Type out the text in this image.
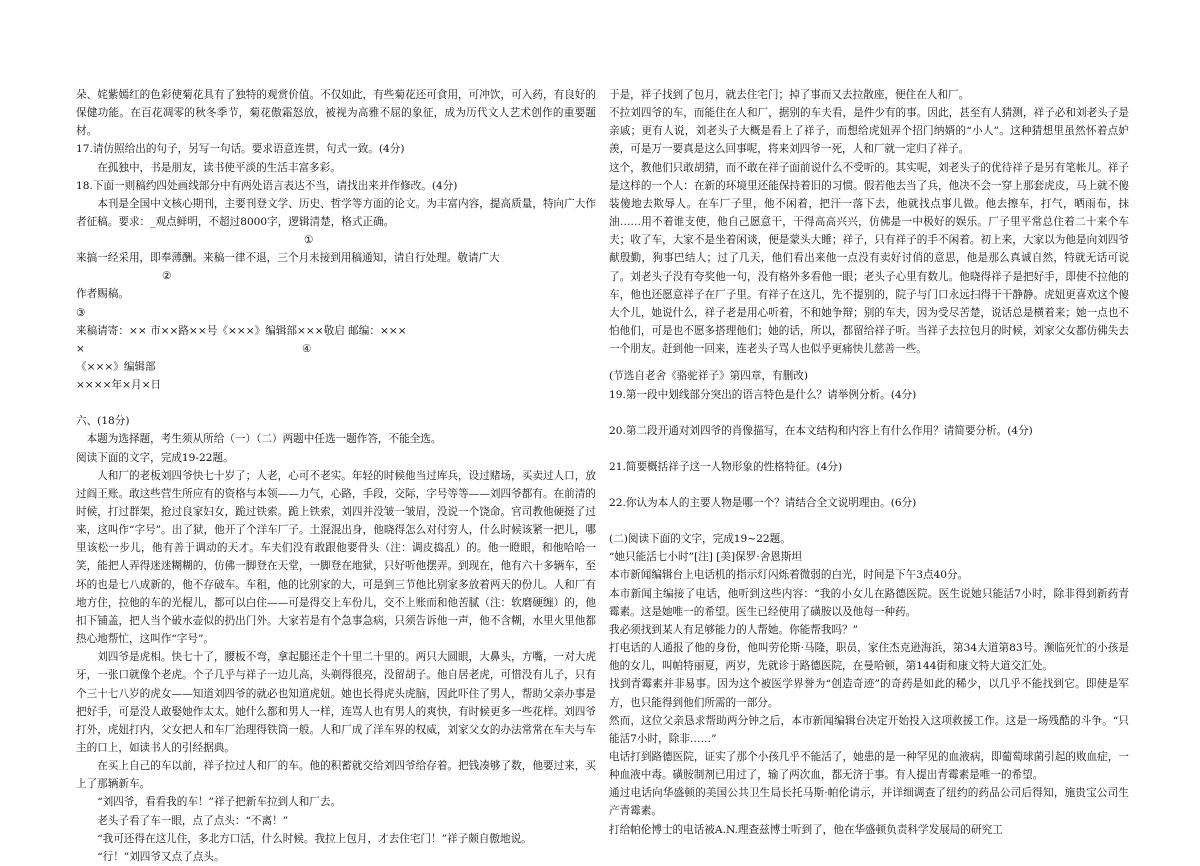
朵、姹紫嫣红的色彩使菊花具有了独特的观赏价值。不仅如此，有些菊花还可食用，可冲饮，可入药，有良好的保健功能。在百花凋零的秋冬季节，菊花傲霜怒放，被视为高雅不屈的象征，成为历代文人艺术创作的重要题材。

17.请仿照给出的句子，另写一句话。要求语意连贯，句式一致。(4分)

在孤独中，书是朋友，读书使平淡的生活丰富多彩。

18.下面一则稿约四处画线部分中有两处语言表达不当，请找出来并作修改。(4分)

本刊是全国中文核心期刊，主要刊登文学、历史、哲学等方面的论文。为丰富内容，提高质量，特向广大作者征稿。要求：_观点鲜明，不超过8000字，逻辑清楚，格式正确。

①

来搞一经采用，即奉薄酬。来稿一律不退，三个月未接到用稿通知，请自行处理。敬请广大

②

作者赐稿。

③

来稿请寄：×× 市××路××号《×××》编辑部×××敬启 邮编：×××

×	④

《×××》编辑部

××××年×月×日

六、(18分)

本题为选择题，考生须从所给（一）（二）两题中任选一题作答，不能全选。

阅读下面的文字，完成19-22题。

人和厂的老板刘四爷快七十岁了；人老，心可不老实。年轻的时候他当过库兵，设过赌场，买卖过人口，放过阎王账。敢这些营生所应有的资格与本领——力气，心路，手段，交际，字号等等——刘四爷都有。在前清的时候，打过群架，抢过良家妇女，跪过铁索。跪上铁索，刘四并没皱一皱眉，没说一个饶命。官司教他硬挺了过来，这叫作“字号”。出了狱，他开了个洋车厂子。土混混出身，他晓得怎么对付穷人，什么时候该紧一把儿，哪里该松一步儿，他有善于调动的天才。车夫们没有敢跟他要骨头（注：调皮捣乱）的。他一瞪眼，和他哈哈一笑，能把人弄得迷迷糊糊的，仿佛一脚登在天堂，一脚登在地狱，只好听他摆弄。到现在，他有六十多辆车，至坏的也是七八成新的，他不存破车。车租，他的比别家的大，可是到三节他比别家多放着两天的份儿。人和厂有地方住，拉他的车的光棍儿，都可以白住——可是得交上车份儿，交不上账而和他苦腻（注：软磨硬缠）的，他扣下铺盖，把人当个破水壶似的扔出门外。大家若是有个急事急病，只须告诉他一声，他不含糊，水里火里他都热心地帮忙，这叫作“字号”。

刘四爷是虎相。快七十了，腰板不弯，拿起腿还走个十里二十里的。两只大圆眼，大鼻头，方嘴，一对大虎牙，一张口就像个老虎。个子几乎与祥子一边儿高，头剃得很亮，没留胡子。他自居老虎，可惜没有儿子，只有个三十七八岁的虎女——知道刘四爷的就必也知道虎妞。她也长得虎头虎脑，因此吓住了男人，帮助父亲办事是把好手，可是没人敢娶她作太太。她什么都和男人一样，连骂人也有男人的爽快，有时候更多一些花样。刘四爷打外，虎妞打内，父女把人和车厂治理得铁筒一般。人和厂成了洋车界的权威，刘家父女的办法常常在车夫与车主的口上，如读书人的引经据典。

在买上自己的车以前，祥子拉过人和厂的车。他的积蓄就交给刘四爷给存着。把钱凑够了数，他要过来，买上了那辆新车。

“刘四爷，看看我的车！”祥子把新车拉到人和厂去。

老头子看了车一眼，点了点头：“不离！”

“我可还得在这儿住，多北方口活，什么时候。我拉上包月，才去住宅门！”祥子颇自傲地说。

“行！”刘四爷又点了点头。

于是，祥子找到了包月，就去住宅门；掉了事而又去拉散座，便住在人和厂。

不拉刘四爷的车，而能住在人和厂，据别的车夫看，是件少有的事。因此，甚至有人猜测，祥子必和刘老头子是亲戚；更有人说，刘老头子大概是看上了祥子，而想给虎妞弄个招门纳婿的“小人”。这种猜想里虽然怀着点妒羡，可是万一要真是这么回事呢，将来刘四爷一死，人和厂就一定归了祥子。

这个，教他们只敢胡猜，而不敢在祥子面前说什么不受听的。其实呢，刘老头子的优待祥子是另有笔帐儿。祥子是这样的一个人：在新的环境里还能保持着旧的习惯。假若他去当了兵，他决不会一穿上那套虎皮，马上就不傻装傻地去欺辱人。在车厂子里，他不闲着，把汗一落下去，他就找点事儿做。他去擦车，打气，晒雨布，抹油……用不着谁支使，他自己愿意干，干得高高兴兴，仿佛是一中极好的娱乐。厂子里平常总住着二十来个车夫；收了车，大家不是坐着闲谈，便是蒙头大睡；祥子，只有祥子的手不闲着。初上来，大家以为他是向刘四爷献殷勤，狗事巴结人；过了几天，他们看出来他一点没有卖好讨俏的意思，他是那么真诚自然，特就无话可说了。刘老头子没有夸奖他一句，没有格外多看他一眼；老头子心里有数儿。他晓得祥子是把好手，即使不拉他的车，他也还愿意祥子在厂子里。有祥子在这儿，先不提别的，院子与门口永远扫得干干静静。虎妞更喜欢这个傻大个儿，她说什么，祥子老是用心听着，不和她争辩；别的车夫，因为受尽苦楚，说话总是横着来；她一点也不怕他们，可是也不愿多搭理他们；她的话，所以，都留给祥子听。当祥子去拉包月的时候，刘家父女都仿佛失去一个朋友。赶到他一回来，连老头子骂人也似乎更痛快儿慈善一些。

(节选自老舍《骆驼祥子》第四章，有删改)

19.第一段中划线部分突出的语言特色是什么？请举例分析。(4分)

20.第二段开通对刘四爷的肖像描写，在本文结构和内容上有什么作用？请简要分析。(4分)

21.简要概括祥子这一人物形象的性格特征。(4分)

22.你认为本人的主要人物是哪一个？请结合全文说明理由。(6分)

(二)阅读下面的文字，完成19~22题。

“她只能活七小时”[注] [美]保罗·舍恩斯坦

本市新闻编辑台上电话机的指示灯闪烁着微弱的白光，时间是下午3点40分。

本市新闻主编接了电话，他听到这些内容：“我的小女儿在路德医院。医生说她只能活7小时，除非得到新药青霉素。这是她唯一的希望。医生已经使用了磺胺以及他每一种药。

我必须找到某人有足够能力的人帮她。你能帮我吗？”

打电话的人通报了他的身份，他叫劳伦斯·马隆，职员，家住杰克逊海浜，第34大道第83号。濒临死忙的小孩是他的女儿，叫帕特丽夏，两岁，先就诊于路德医院，在曼哈顿，第144街和康文特大道交汇处。

找到青霉素并非易事。因为这个被医学界誉为“创造奇迹”的奇药是如此的稀少，以几乎不能找到它。即使是军方，也只能得到他们所需的一部分。

然而，这位父亲恳求帮助两分钟之后，本市新闻编辑台决定开始投入这项救援工作。这是一场残酷的斗争。“只能活7小时，除非……”

电话打到路德医院，证实了那个小孩几乎不能活了，她患的是一种罕见的血液病，即葡萄球菌引起的败血症，一种血液中毒。磺胺制剂已用过了，输了两次血，都无济于事。有人提出青霉素是唯一的希望。

通过电话向华盛顿的美国公共卫生局长托马斯·帕伦请示，并详细调查了纽约的药品公司后得知，施贵宝公司生产青霉素。

打给帕伦博士的电话被A.N.理查兹博士听到了，他在华盛顿负责科学发展局的研究工
